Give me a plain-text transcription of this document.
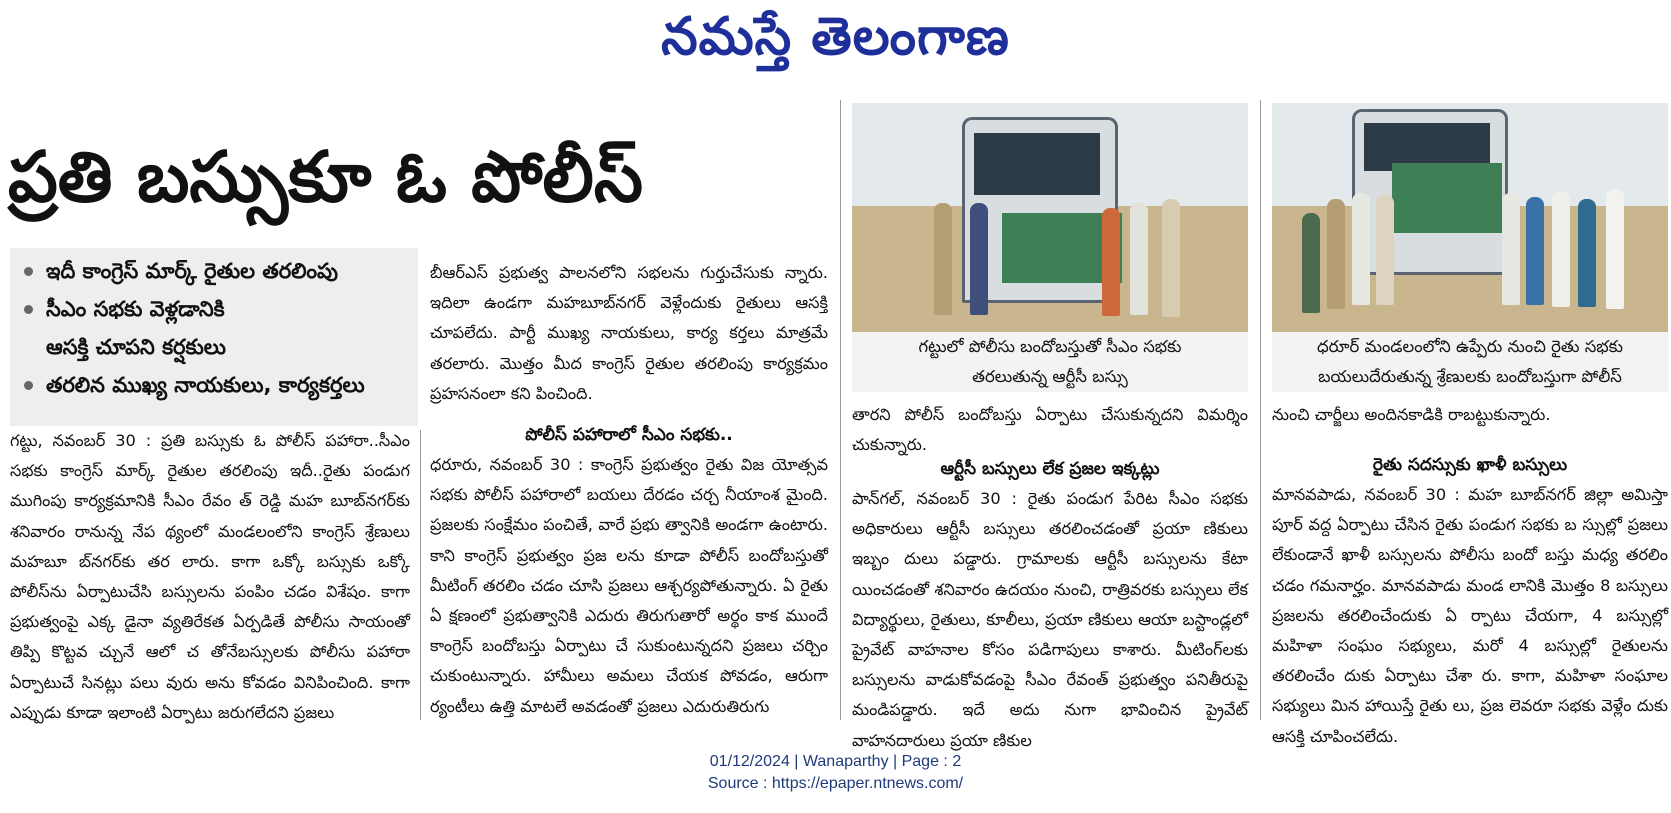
నమస్తే తెలంగాణ
ప్రతి బస్సుకూ ఓ పోలీస్
ఇదీ కాంగ్రెస్ మార్క్ రైతుల తరలింపు
సీఎం సభకు వెళ్లడానికి
ఆసక్తి చూపని కర్షకులు
తరలిన ముఖ్య నాయకులు, కార్యకర్తలు

గట్టు, నవంబర్ 30 : ప్రతి బస్సుకు ఓ పోలీస్ పహారా..సీఎం సభకు కాంగ్రెస్ మార్క్ రైతుల తరలింపు ఇదీ..రైతు పండుగ ముగింపు కార్యక్రమానికి సీఎం రేవం త్ రెడ్డి మహ బూబ్‌నగర్‌కు శనివారం రానున్న నేప థ్యంలో మండలంలోని కాంగ్రెస్ శ్రేణులు మహబూ బ్‌నగర్‌కు తర లారు. కాగా ఒక్కో బస్సుకు ఒక్కో పోలీస్‌ను ఏర్పాటుచేసి బస్సులను పంపిం చడం విశేషం. కాగా ప్రభుత్వంపై ఎక్క డైనా వ్యతిరేకత ఏర్పడితే పోలీసు సాయంతో తిప్పి కొట్టవ చ్చునే ఆలో చ తోనేబస్సులకు పోలీసు పహారా ఏర్పాటుచే సినట్లు పలు వురు అను కోవడం వినిపించింది. కాగా ఎప్పుడు కూడా ఇలాంటి ఏర్పాటు జరుగలేదని ప్రజలు

బీఆర్‌ఎస్ ప్రభుత్వ పాలనలోని సభలను గుర్తుచేసుకు న్నారు. ఇదిలా ఉండగా మహబూబ్‌నగర్ వెళ్లేందుకు రైతులు ఆసక్తి చూపలేదు. పార్టీ ముఖ్య నాయకులు, కార్య కర్తలు మాత్రమే తరలారు. మొత్తం మీద కాంగ్రెస్ రైతుల తరలింపు కార్యక్రమం ప్రహసనంలా కని పించింది.

పోలీస్ పహారాలో సీఎం సభకు..

ధరూరు, నవంబర్ 30 : కాంగ్రెస్ ప్రభుత్వం రైతు విజ యోత్సవ సభకు పోలీస్ పహారాలో బయలు దేరడం చర్చ నీయాంశ మైంది. ప్రజలకు సంక్షేమం పంచితే, వారే ప్రభు త్వానికి అండగా ఉంటారు. కాని కాంగ్రెస్ ప్రభుత్వం ప్రజ లను కూడా పోలీస్ బందోబస్తుతో మీటింగ్ తరలిం చడం చూసి ప్రజలు ఆశ్చర్యపోతున్నారు. ఏ రైతు ఏ క్షణంలో ప్రభుత్వానికి ఎదురు తిరుగుతారో అర్థం కాక ముందే కాంగ్రెస్ బందోబస్తు ఏర్పాటు చే సుకుంటున్నదని ప్రజలు చర్చిం చుకుంటున్నారు. హామీలు అమలు చేయక పోవడం, ఆరుగా ర్యంటీలు ఉత్తి మాటలే అవడంతో ప్రజలు ఎదురుతిరుగు

గట్టులో పోలీసు బందోబస్తుతో సీఎం సభకు
తరలుతున్న ఆర్టీసీ బస్సు

తారని పోలీస్ బందోబస్తు ఏర్పాటు చేసుకున్నదని విమర్శిం చుకున్నారు.

ఆర్టీసీ బస్సులు లేక ప్రజల ఇక్కట్లు

పాన్‌గల్, నవంబర్ 30 : రైతు పండుగ పేరిట సీఎం సభకు అధికారులు ఆర్టీసీ బస్సులు తరలించడంతో ప్రయా ణికులు ఇబ్బం దులు పడ్డారు. గ్రామాలకు ఆర్టీసీ బస్సులను కేటా యించడంతో శనివారం ఉదయం నుంచి, రాత్రివరకు బస్సులు లేక విద్యార్థులు, రైతులు, కూలీలు, ప్రయా ణికులు ఆయా బస్టాండ్లలో ప్రైవేట్ వాహనాల కోసం పడిగాపులు కాశారు. మీటింగ్‌లకు బస్సులను వాడుకోవడంపై సీఎం రేవంత్ ప్రభుత్వం పనితీరుపై మండిపడ్డారు. ఇదే అదు నుగా భావించిన ప్రైవేట్ వాహనదారులు ప్రయా ణికుల

ధరూర్ మండలంలోని ఉప్పేరు నుంచి రైతు సభకు
బయలుదేరుతున్న శ్రేణులకు బందోబస్తుగా పోలీస్

నుంచి చార్జీలు అందినకాడికి రాబట్టుకున్నారు.

రైతు సదస్సుకు ఖాళీ బస్సులు

మానవపాడు, నవంబర్ 30 : మహ బూబ్‌నగర్ జిల్లా అమిస్తా పూర్ వద్ద ఏర్పాటు చేసిన రైతు పండుగ సభకు బ స్సుల్లో ప్రజలు లేకుండానే ఖాళీ బస్సులను పోలీసు బందో బస్తు మధ్య తరలిం చడం గమనార్హం. మానవపాడు మండ లానికి మొత్తం 8 బస్సులు ప్రజలను తరలించేందుకు ఏ ర్పాటు చేయగా, 4 బస్సుల్లో మహిళా సంఘం సభ్యులు, మరో 4 బస్సుల్లో రైతులను తరలించేం దుకు ఏర్పాటు చేశా రు. కాగా, మహిళా సంఘాల సభ్యులు మిన హాయిస్తే రైతు లు, ప్రజ లెవరూ సభకు వెళ్లేం దుకు ఆసక్తి చూపించలేదు.

01/12/2024 | Wanaparthy | Page : 2
Source : https://epaper.ntnews.com/
